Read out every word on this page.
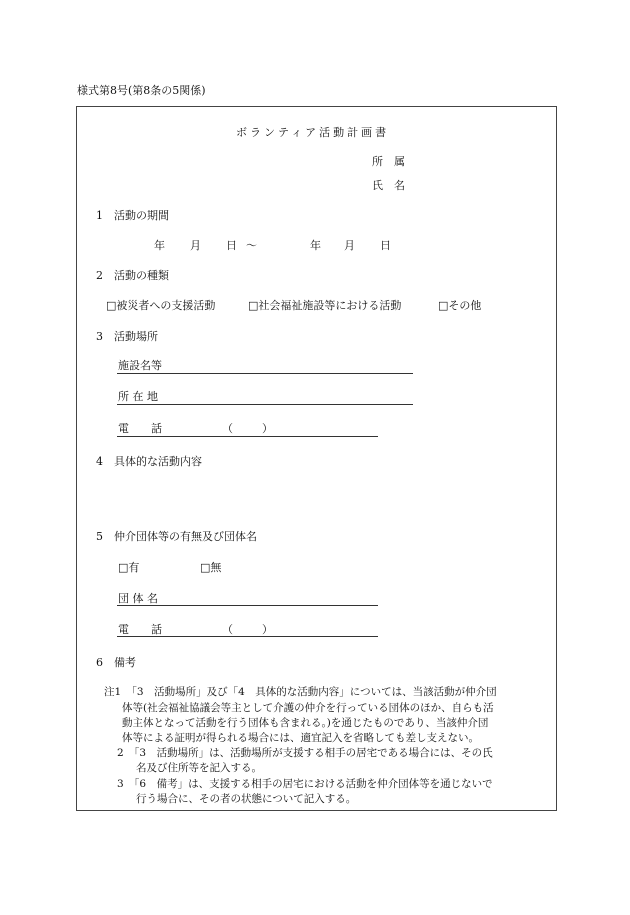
様式第8号(第8条の5関係)
ボランティア活動計画書
所　属
氏　名
1　活動の期間
年 月 日 〜	年 月 日
2　活動の種類
□被災者への支援活動	□社会福祉施設等における活動	□その他
3　活動場所
施設名等
所 在 地
電　　話	（	）
4　具体的な活動内容
5　仲介団体等の有無及び団体名
□有	□無
団 体 名
電　　話	（	）
6　備考
注1　「3　活動場所」及び「4　具体的な活動内容」については、当該活動が仲介団
体等(社会福祉協議会等主として介護の仲介を行っている団体のほか、自らも活
動主体となって活動を行う団体も含まれる。)を通じたものであり、当該仲介団
体等による証明が得られる場合には、適宜記入を省略しても差し支えない。
2　「3　活動場所」は、活動場所が支援する相手の居宅である場合には、その氏
名及び住所等を記入する。
3　「6　備考」は、支援する相手の居宅における活動を仲介団体等を通じないで
行う場合に、その者の状態について記入する。
